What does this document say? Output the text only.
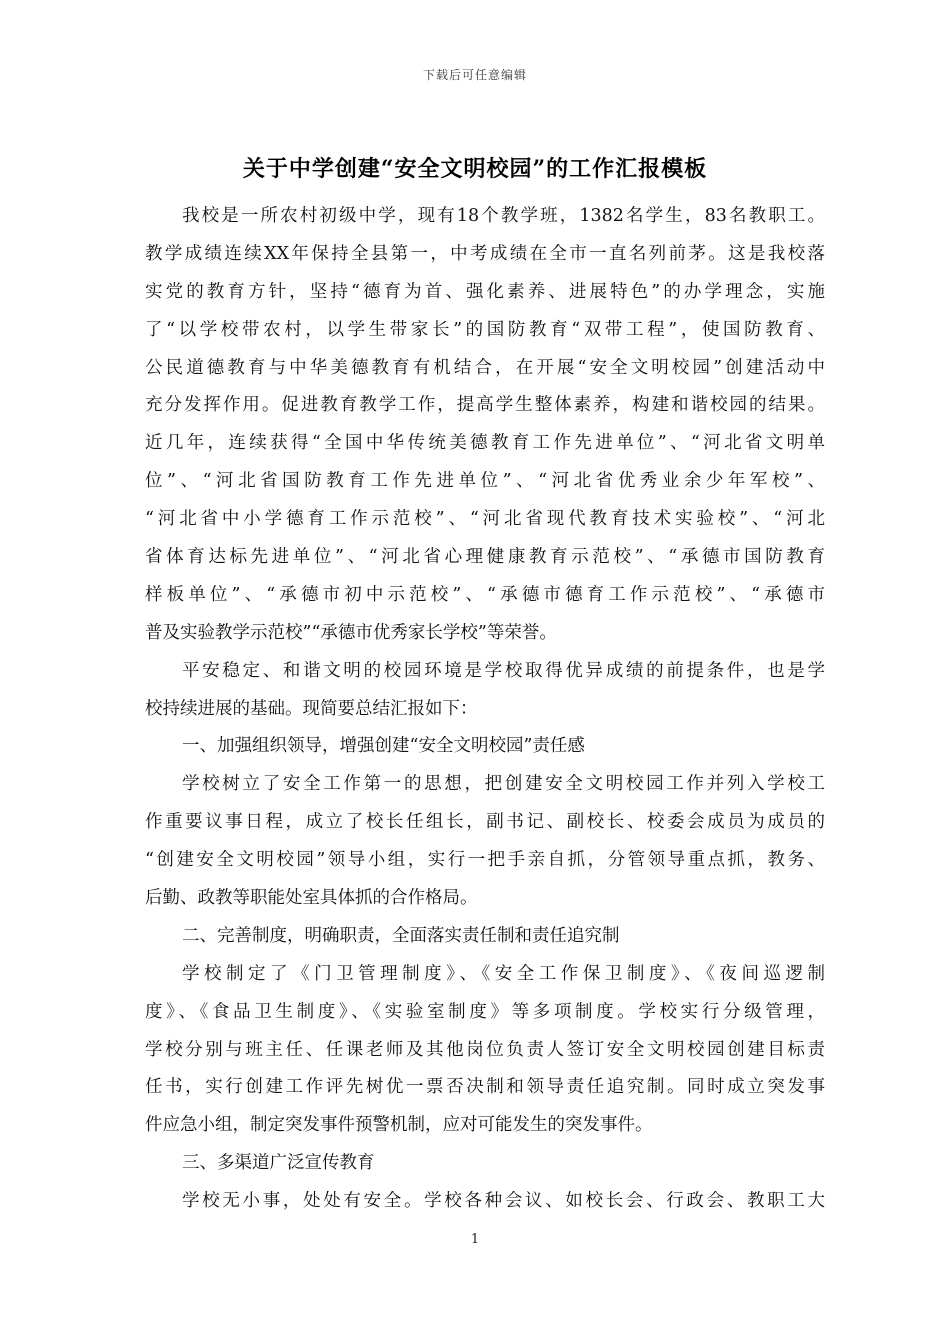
下载后可任意编辑
关于中学创建“安全文明校园”的工作汇报模板
我校是一所农村初级中学，现有18个教学班，1382名学生，83名教职工。
教学成绩连续XX年保持全县第一，中考成绩在全市一直名列前茅。这是我校落
实党的教育方针，坚持“德育为首、强化素养、进展特色”的办学理念，实施
了“以学校带农村，以学生带家长”的国防教育“双带工程”，使国防教育、
公民道德教育与中华美德教育有机结合，在开展“安全文明校园”创建活动中
充分发挥作用。促进教育教学工作，提高学生整体素养，构建和谐校园的结果。
近几年，连续获得“全国中华传统美德教育工作先进单位”、“河北省文明单
位”、“河北省国防教育工作先进单位”、“河北省优秀业余少年军校”、
“河北省中小学德育工作示范校”、“河北省现代教育技术实验校”、“河北
省体育达标先进单位”、“河北省心理健康教育示范校”、“承德市国防教育
样板单位”、“承德市初中示范校”、“承德市德育工作示范校”、“承德市
普及实验教学示范校”“承德市优秀家长学校”等荣誉。
平安稳定、和谐文明的校园环境是学校取得优异成绩的前提条件，也是学
校持续进展的基础。现简要总结汇报如下：
一、加强组织领导，增强创建“安全文明校园”责任感
学校树立了安全工作第一的思想，把创建安全文明校园工作并列入学校工
作重要议事日程，成立了校长任组长，副书记、副校长、校委会成员为成员的
“创建安全文明校园”领导小组，实行一把手亲自抓，分管领导重点抓，教务、
后勤、政教等职能处室具体抓的合作格局。
二、完善制度，明确职责，全面落实责任制和责任追究制
学校制定了《门卫管理制度》、《安全工作保卫制度》、《夜间巡逻制
度》、《食品卫生制度》、《实验室制度》等多项制度。学校实行分级管理，
学校分别与班主任、任课老师及其他岗位负责人签订安全文明校园创建目标责
任书，实行创建工作评先树优一票否决制和领导责任追究制。同时成立突发事
件应急小组，制定突发事件预警机制，应对可能发生的突发事件。
三、多渠道广泛宣传教育
学校无小事，处处有安全。学校各种会议、如校长会、行政会、教职工大
1
